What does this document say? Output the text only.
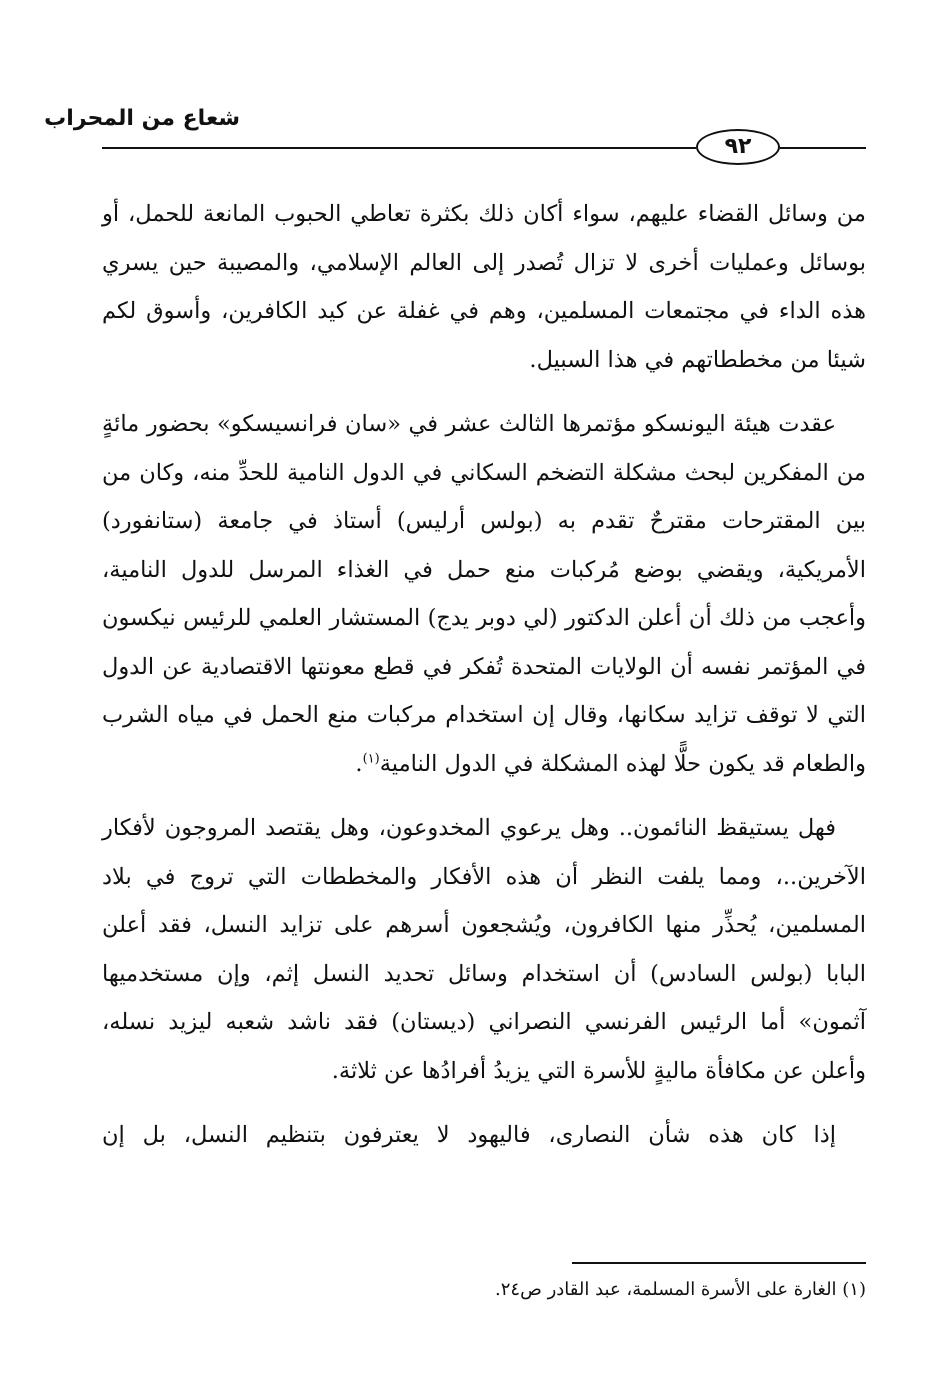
شعاع من المحراب
٩٢

من وسائل القضاء عليهم، سواء أكان ذلك بكثرة تعاطي الحبوب المانعة للحمل، أو بوسائل وعمليات أخرى لا تزال تُصدر إلى العالم الإسلامي، والمصيبة حين يسري هذه الداء في مجتمعات المسلمين، وهم في غفلة عن كيد الكافرين، وأسوق لكم شيئا من مخططاتهم في هذا السبيل.

عقدت هيئة اليونسكو مؤتمرها الثالث عشر في «سان فرانسيسكو» بحضور مائةٍ من المفكرين لبحث مشكلة التضخم السكاني في الدول النامية للحدِّ منه، وكان من بين المقترحات مقترحٌ تقدم به (بولس أرليس) أستاذ في جامعة (ستانفورد) الأمريكية، ويقضي بوضع مُركبات منع حمل في الغذاء المرسل للدول النامية، وأعجب من ذلك أن أعلن الدكتور (لي دوبر يدج) المستشار العلمي للرئيس نيكسون في المؤتمر نفسه أن الولايات المتحدة تُفكر في قطع معونتها الاقتصادية عن الدول التي لا توقف تزايد سكانها، وقال إن استخدام مركبات منع الحمل في مياه الشرب والطعام قد يكون حلًّا لهذه المشكلة في الدول النامية$^{(١)}$.

فهل يستيقظ النائمون.. وهل يرعوي المخدوعون، وهل يقتصد المروجون لأفكار الآخرين..، ومما يلفت النظر أن هذه الأفكار والمخططات التي تروج في بلاد المسلمين، يُحذِّر منها الكافرون، ويُشجعون أسرهم على تزايد النسل، فقد أعلن البابا (بولس السادس) أن استخدام وسائل تحديد النسل إثم، وإن مستخدميها آثمون» أما الرئيس الفرنسي النصراني (ديستان) فقد ناشد شعبه ليزيد نسله، وأعلن عن مكافأة ماليةٍ للأسرة التي يزيدُ أفرادُها عن ثلاثة.

إذا كان هذه شأن النصارى، فاليهود لا يعترفون بتنظيم النسل، بل إن

(١) الغارة على الأسرة المسلمة، عبد القادر ص٢٤.
